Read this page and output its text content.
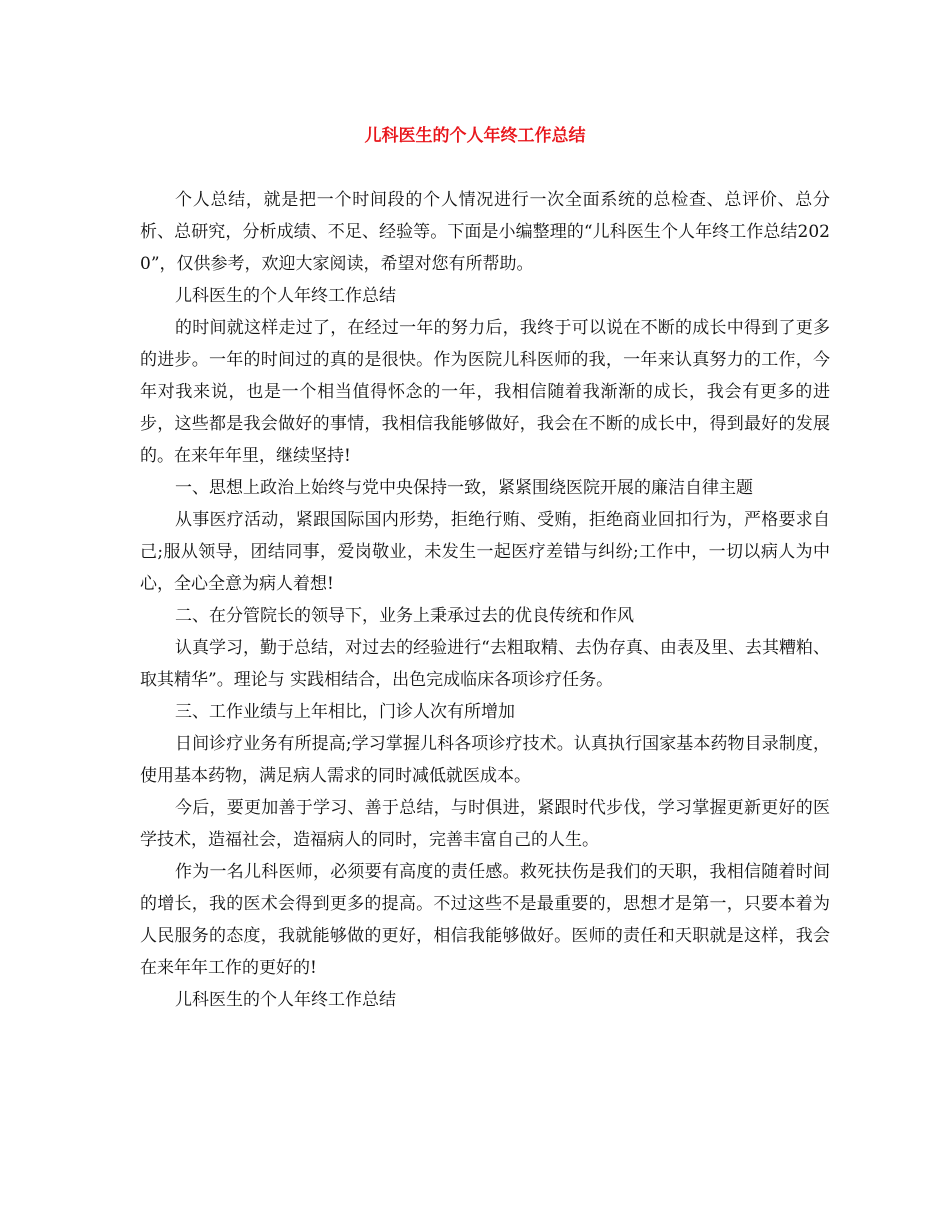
儿科医生的个人年终工作总结

个人总结，就是把一个时间段的个人情况进行一次全面系统的总检查、总评价、总分析、总研究，分析成绩、不足、经验等。下面是小编整理的“儿科医生个人年终工作总结2020”，仅供参考，欢迎大家阅读，希望对您有所帮助。

儿科医生的个人年终工作总结

的时间就这样走过了，在经过一年的努力后，我终于可以说在不断的成长中得到了更多的进步。一年的时间过的真的是很快。作为医院儿科医师的我，一年来认真努力的工作，今年对我来说，也是一个相当值得怀念的一年，我相信随着我渐渐的成长，我会有更多的进步，这些都是我会做好的事情，我相信我能够做好，我会在不断的成长中，得到最好的发展的。在来年年里，继续坚持!

一、思想上政治上始终与党中央保持一致，紧紧围绕医院开展的廉洁自律主题

从事医疗活动，紧跟国际国内形势，拒绝行贿、受贿，拒绝商业回扣行为，严格要求自己;服从领导，团结同事，爱岗敬业，未发生一起医疗差错与纠纷;工作中，一切以病人为中心，全心全意为病人着想!

二、在分管院长的领导下，业务上秉承过去的优良传统和作风

认真学习，勤于总结，对过去的经验进行“去粗取精、去伪存真、由表及里、去其糟粕、取其精华”。理论与 实践相结合，出色完成临床各项诊疗任务。

三、工作业绩与上年相比，门诊人次有所增加

日间诊疗业务有所提高;学习掌握儿科各项诊疗技术。认真执行国家基本药物目录制度，使用基本药物，满足病人需求的同时减低就医成本。

今后，要更加善于学习、善于总结，与时俱进，紧跟时代步伐，学习掌握更新更好的医学技术，造福社会，造福病人的同时，完善丰富自己的人生。

作为一名儿科医师，必须要有高度的责任感。救死扶伤是我们的天职，我相信随着时间的增长，我的医术会得到更多的提高。不过这些不是最重要的，思想才是第一，只要本着为人民服务的态度，我就能够做的更好，相信我能够做好。医师的责任和天职就是这样，我会在来年年工作的更好的!

儿科医生的个人年终工作总结
